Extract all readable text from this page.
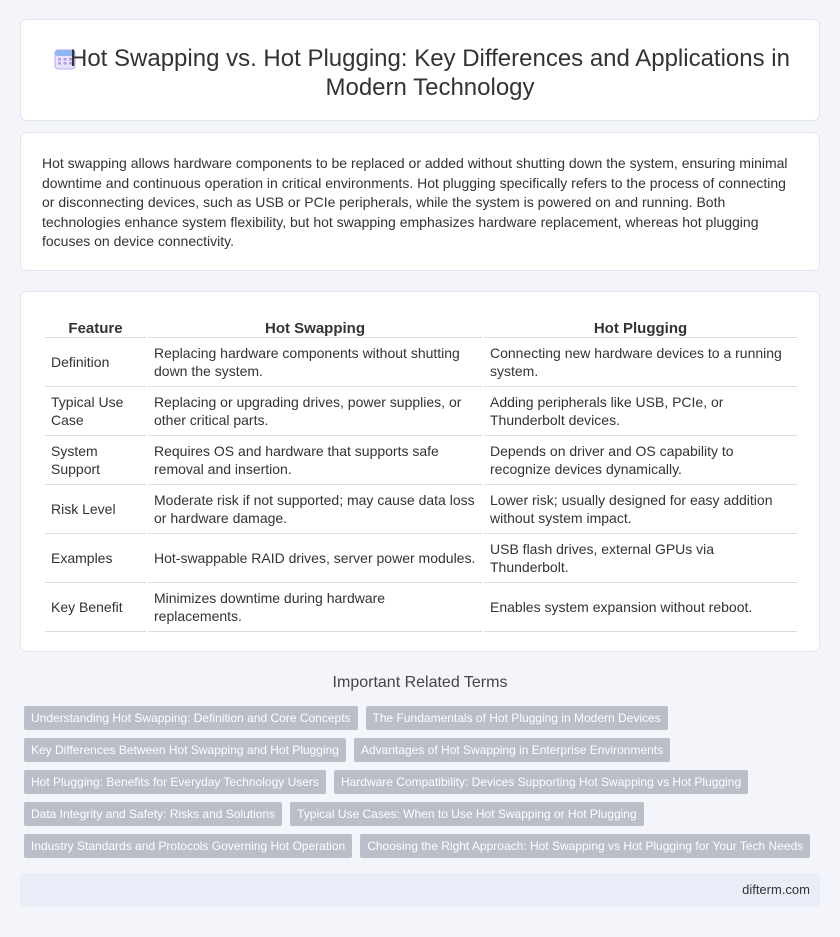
Hot Swapping vs. Hot Plugging: Key Differences and Applications in Modern Technology

Hot swapping allows hardware components to be replaced or added without shutting down the system, ensuring minimal downtime and continuous operation in critical environments. Hot plugging specifically refers to the process of connecting or disconnecting devices, such as USB or PCIe peripherals, while the system is powered on and running. Both technologies enhance system flexibility, but hot swapping emphasizes hardware replacement, whereas hot plugging focuses on device connectivity.

Feature	Hot Swapping	Hot Plugging
Definition	Replacing hardware components without shutting down the system.	Connecting new hardware devices to a running system.
Typical Use Case	Replacing or upgrading drives, power supplies, or other critical parts.	Adding peripherals like USB, PCIe, or Thunderbolt devices.
System Support	Requires OS and hardware that supports safe removal and insertion.	Depends on driver and OS capability to recognize devices dynamically.
Risk Level	Moderate risk if not supported; may cause data loss or hardware damage.	Lower risk; usually designed for easy addition without system impact.
Examples	Hot-swappable RAID drives, server power modules.	USB flash drives, external GPUs via Thunderbolt.
Key Benefit	Minimizes downtime during hardware replacements.	Enables system expansion without reboot.
Important Related Terms
Understanding Hot Swapping: Definition and Core Concepts	The Fundamentals of Hot Plugging in Modern Devices
Key Differences Between Hot Swapping and Hot Plugging	Advantages of Hot Swapping in Enterprise Environments
Hot Plugging: Benefits for Everyday Technology Users	Hardware Compatibility: Devices Supporting Hot Swapping vs Hot Plugging
Data Integrity and Safety: Risks and Solutions	Typical Use Cases: When to Use Hot Swapping or Hot Plugging
Industry Standards and Protocols Governing Hot Operation	Choosing the Right Approach: Hot Swapping vs Hot Plugging for Your Tech Needs
difterm.com
